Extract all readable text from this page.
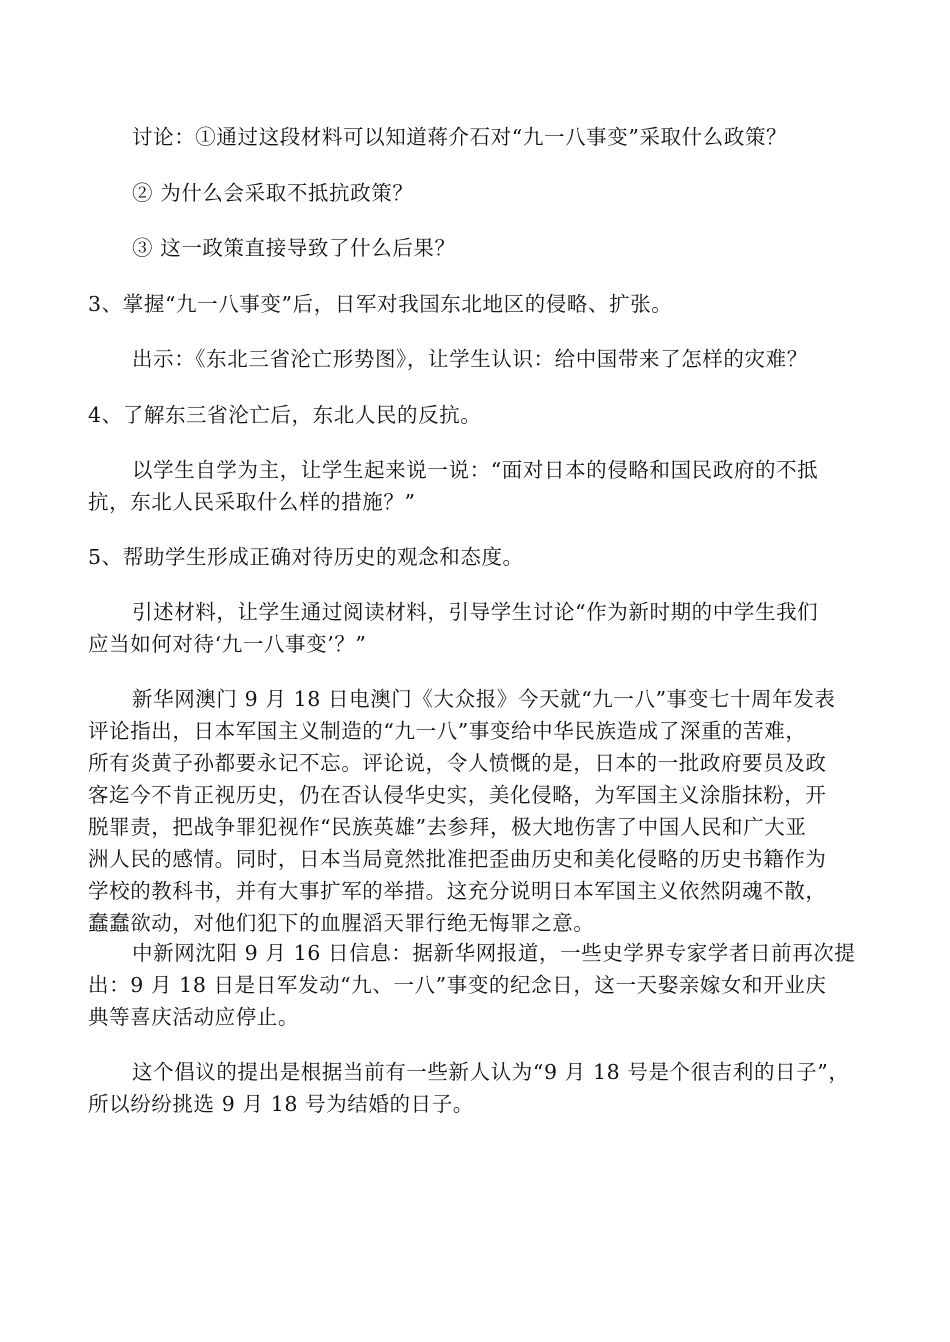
讨论：①通过这段材料可以知道蒋介石对“九一八事变”采取什么政策？
② 为什么会采取不抵抗政策？
③ 这一政策直接导致了什么后果？
3、掌握“九一八事变”后，日军对我国东北地区的侵略、扩张。
出示：《东北三省沦亡形势图》，让学生认识：给中国带来了怎样的灾难？
4、了解东三省沦亡后，东北人民的反抗。
以学生自学为主，让学生起来说一说：“面对日本的侵略和国民政府的不抵
抗，东北人民采取什么样的措施？”
5、帮助学生形成正确对待历史的观念和态度。
引述材料，让学生通过阅读材料，引导学生讨论“作为新时期的中学生我们
应当如何对待‘九一八事变’？”
新华网澳门 9 月 18 日电澳门《大众报》今天就“九一八”事变七十周年发表
评论指出，日本军国主义制造的“九一八”事变给中华民族造成了深重的苦难，
所有炎黄子孙都要永记不忘。评论说，令人愤慨的是，日本的一批政府要员及政
客迄今不肯正视历史，仍在否认侵华史实，美化侵略，为军国主义涂脂抹粉，开
脱罪责，把战争罪犯视作“民族英雄”去参拜，极大地伤害了中国人民和广大亚
洲人民的感情。同时，日本当局竟然批准把歪曲历史和美化侵略的历史书籍作为
学校的教科书，并有大事扩军的举措。这充分说明日本军国主义依然阴魂不散，
蠢蠢欲动，对他们犯下的血腥滔天罪行绝无悔罪之意。
中新网沈阳 9 月 16 日信息：据新华网报道，一些史学界专家学者日前再次提
出：9 月 18 日是日军发动“九、一八”事变的纪念日，这一天娶亲嫁女和开业庆
典等喜庆活动应停止。
这个倡议的提出是根据当前有一些新人认为“9 月 18 号是个很吉利的日子”，
所以纷纷挑选 9 月 18 号为结婚的日子。
